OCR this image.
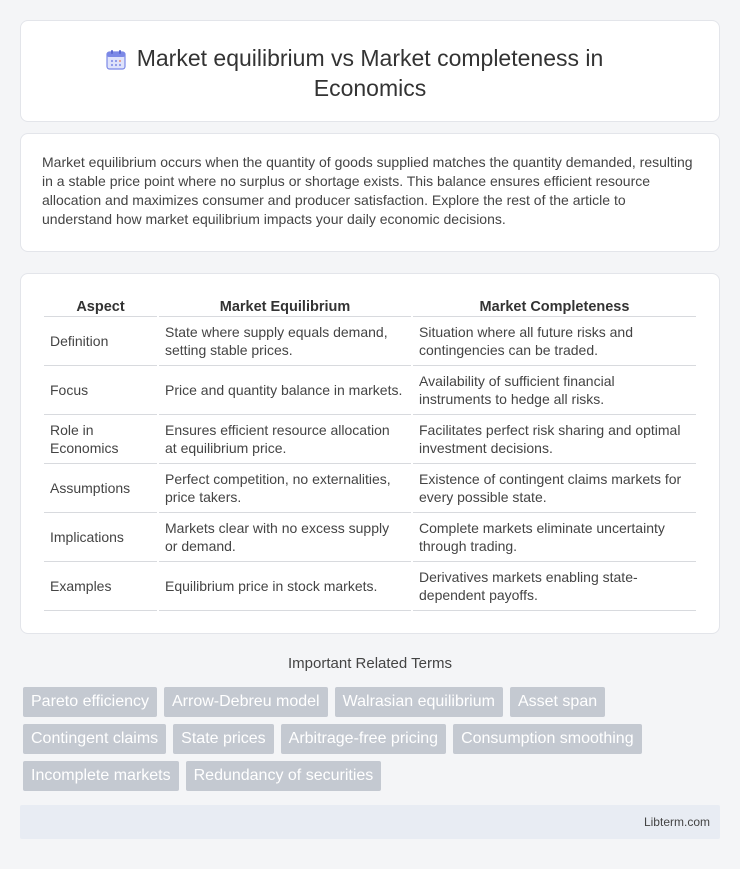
Market equilibrium vs Market completeness in Economics

Market equilibrium occurs when the quantity of goods supplied matches the quantity demanded, resulting in a stable price point where no surplus or shortage exists. This balance ensures efficient resource allocation and maximizes consumer and producer satisfaction. Explore the rest of the article to understand how market equilibrium impacts your daily economic decisions.

Aspect	Market Equilibrium	Market Completeness
Definition	State where supply equals demand, setting stable prices.	Situation where all future risks and contingencies can be traded.
Focus	Price and quantity balance in markets.	Availability of sufficient financial instruments to hedge all risks.
Role in Economics	Ensures efficient resource allocation at equilibrium price.	Facilitates perfect risk sharing and optimal investment decisions.
Assumptions	Perfect competition, no externalities, price takers.	Existence of contingent claims markets for every possible state.
Implications	Markets clear with no excess supply or demand.	Complete markets eliminate uncertainty through trading.
Examples	Equilibrium price in stock markets.	Derivatives markets enabling state-dependent payoffs.
Important Related Terms
Pareto efficiency	Arrow-Debreu model	Walrasian equilibrium	Asset span
Contingent claims	State prices	Arbitrage-free pricing	Consumption smoothing
Incomplete markets	Redundancy of securities
Libterm.com
